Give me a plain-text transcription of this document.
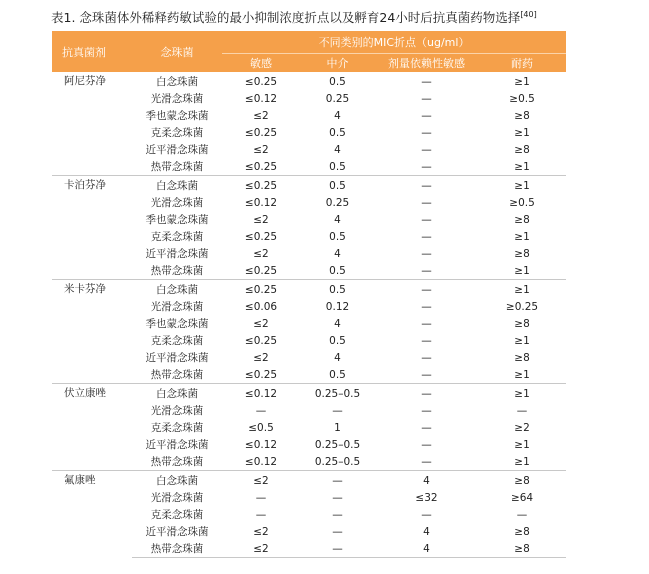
表1. 念珠菌体外稀释药敏试验的最小抑制浓度折点以及孵育24小时后抗真菌药物选择[40]
抗真菌剂	念珠菌	不同类别的MIC折点（ug/ml）			
		敏感	中介	剂量依赖性敏感	耐药
阿尼芬净	白念珠菌	≤0.25	0.5	—	≥1
	光滑念珠菌	≤0.12	0.25	—	≥0.5
	季也蒙念珠菌	≤2	4	—	≥8
	克柔念珠菌	≤0.25	0.5	—	≥1
	近平滑念珠菌	≤2	4	—	≥8
	热带念珠菌	≤0.25	0.5	—	≥1
卡泊芬净	白念珠菌	≤0.25	0.5	—	≥1
	光滑念珠菌	≤0.12	0.25	—	≥0.5
	季也蒙念珠菌	≤2	4	—	≥8
	克柔念珠菌	≤0.25	0.5	—	≥1
	近平滑念珠菌	≤2	4	—	≥8
	热带念珠菌	≤0.25	0.5	—	≥1
米卡芬净	白念珠菌	≤0.25	0.5	—	≥1
	光滑念珠菌	≤0.06	0.12	—	≥0.25
	季也蒙念珠菌	≤2	4	—	≥8
	克柔念珠菌	≤0.25	0.5	—	≥1
	近平滑念珠菌	≤2	4	—	≥8
	热带念珠菌	≤0.25	0.5	—	≥1
伏立康唑	白念珠菌	≤0.12	0.25–0.5	—	≥1
	光滑念珠菌	—	—	—	—
	克柔念珠菌	≤0.5	1	—	≥2
	近平滑念珠菌	≤0.12	0.25–0.5	—	≥1
	热带念珠菌	≤0.12	0.25–0.5	—	≥1
氟康唑	白念珠菌	≤2	—	4	≥8
	光滑念珠菌	—	—	≤32	≥64
	克柔念珠菌	—	—	—	—
	近平滑念珠菌	≤2	—	4	≥8
	热带念珠菌	≤2	—	4	≥8
